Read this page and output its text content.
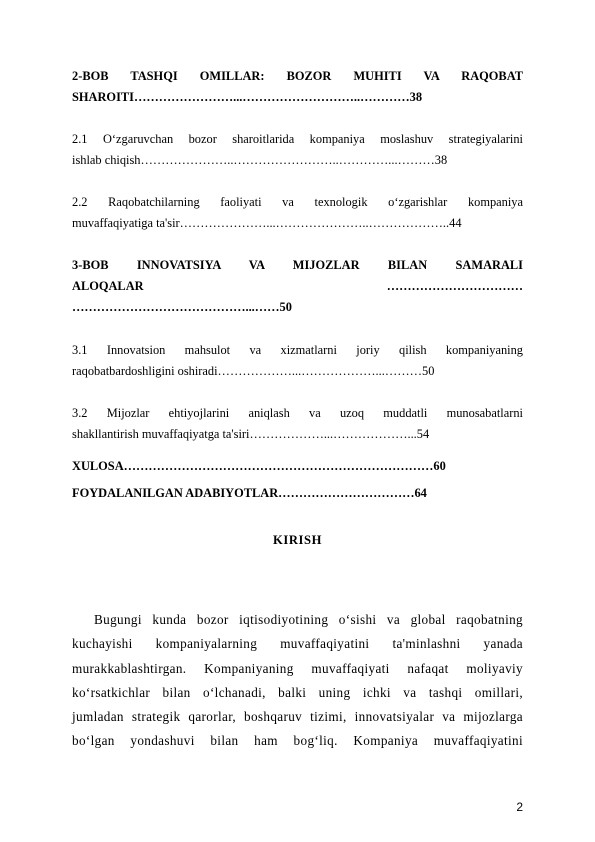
2-BOB TASHQI OMILLAR: BOZOR MUHITI VA RAQOBAT
SHAROITI……………………...………………………..…………38
2.1 O‘zgaruvchan bozor sharoitlarida kompaniya moslashuv strategiyalarini
ishlab chiqish…………………..……………………..…………...………38
2.2 Raqobatchilarning faoliyati va texnologik o‘zgarishlar kompaniya
muvaffaqiyatiga ta'sir…………………...…………………..………………..44
3-BOB INNOVATSIYA VA MIJOZLAR BILAN SAMARALI
ALOQALAR ……………………………
……………………………………...……50
3.1 Innovatsion mahsulot va xizmatlarni joriy qilish kompaniyaning
raqobatbardoshligini oshiradi………………...………………...………50
3.2 Mijozlar ehtiyojlarini aniqlash va uzoq muddatli munosabatlarni
shakllantirish muvaffaqiyatga ta'siri………………...………………...54
XULOSA…………………………………………………………………60
FOYDALANILGAN ADABIYOTLAR……………………………64
KIRISH
Bugungi kunda bozor iqtisodiyotining o‘sishi va global raqobatning
kuchayishi kompaniyalarning muvaffaqiyatini ta'minlashni yanada
murakkablashtirgan. Kompaniyaning muvaffaqiyati nafaqat moliyaviy
ko‘rsatkichlar bilan o‘lchanadi, balki uning ichki va tashqi omillari,
jumladan strategik qarorlar, boshqaruv tizimi, innovatsiyalar va mijozlarga
bo‘lgan yondashuvi bilan ham bog‘liq. Kompaniya muvaffaqiyatini
2
